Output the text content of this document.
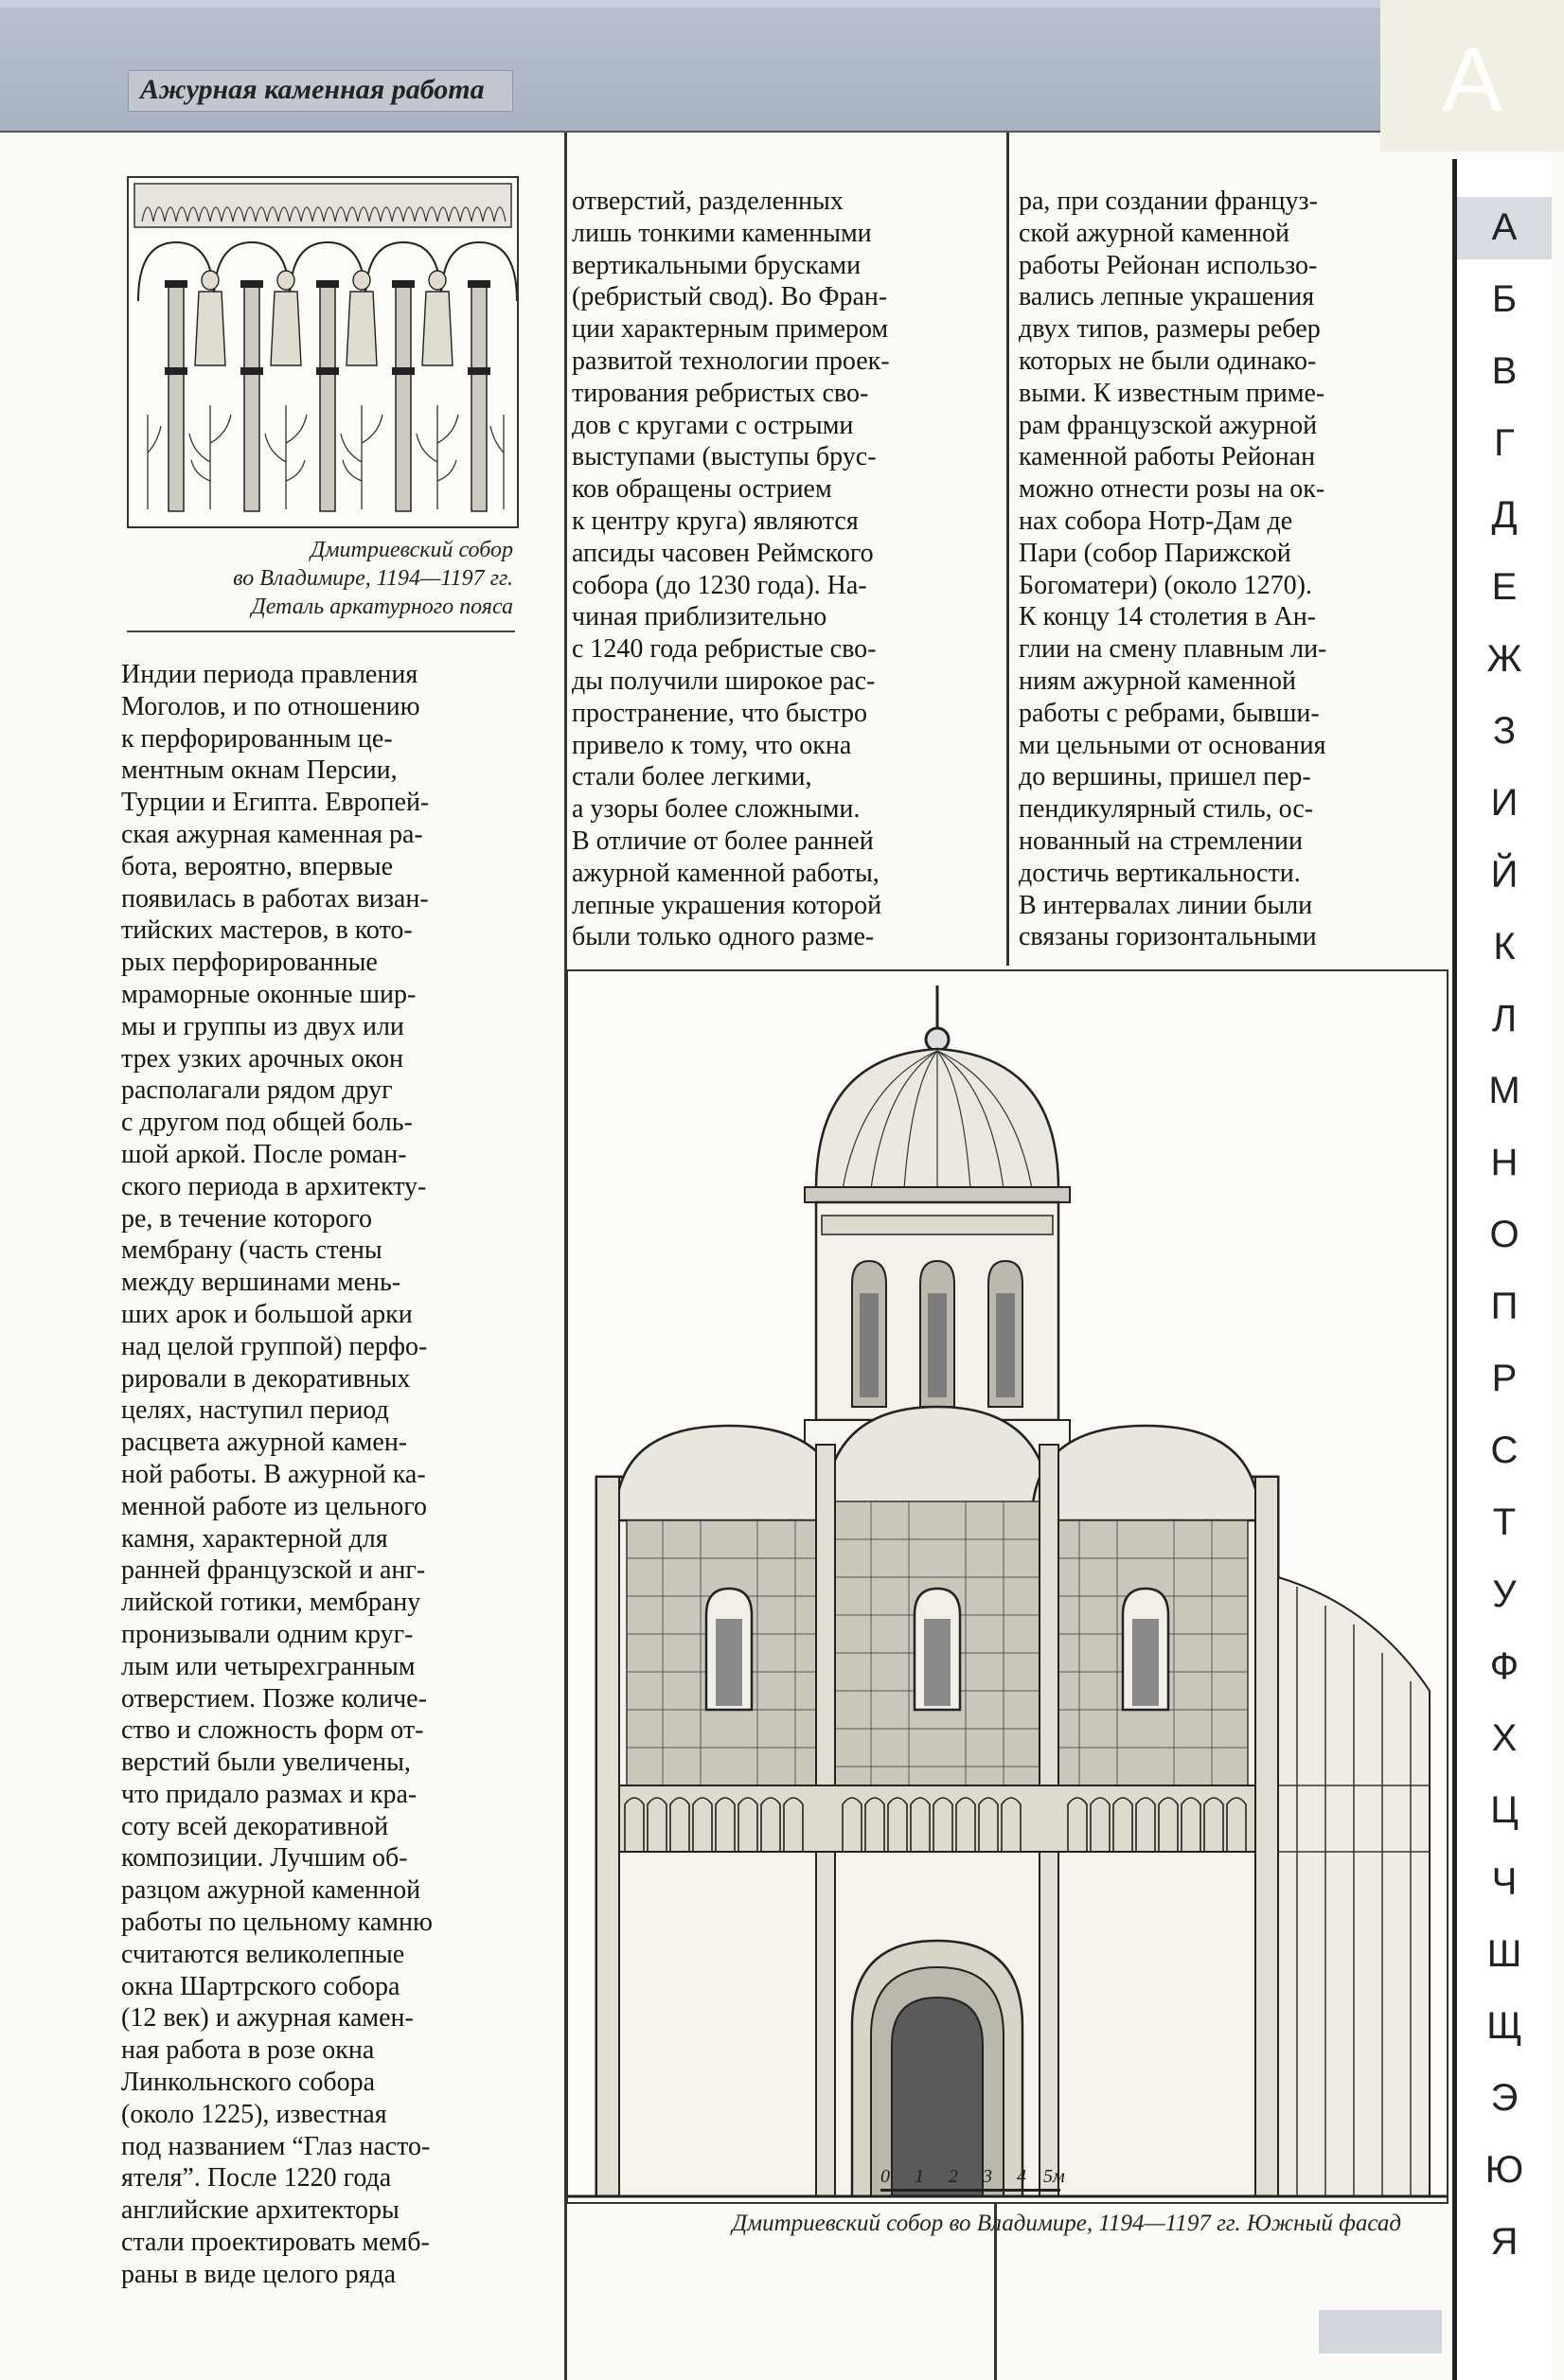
Ажурная каменная работа	А
А
Б
В
Г
Д
Е
Ж
З
И
Й
К
Л
М
Н
О
П
Р
С
Т
У
Ф
Х
Ц
Ч
Ш
Щ
Э
Ю
Я
Дмитриевский собор
во Владимире, 1194—1197 гг.
Деталь аркатурного пояса
Индии периода правления
Моголов, и по отношению
к перфорированным це-
ментным окнам Персии,
Турции и Египта. Европей-
ская ажурная каменная ра-
бота, вероятно, впервые
появилась в работах визан-
тийских мастеров, в кото-
рых перфорированные
мраморные оконные шир-
мы и группы из двух или
трех узких арочных окон
располагали рядом друг
с другом под общей боль-
шой аркой. После роман-
ского периода в архитекту-
ре, в течение которого
мембрану (часть стены
между вершинами мень-
ших арок и большой арки
над целой группой) перфо-
рировали в декоративных
целях, наступил период
расцвета ажурной камен-
ной работы. В ажурной ка-
менной работе из цельного
камня, характерной для
ранней французской и анг-
лийской готики, мембрану
пронизывали одним круг-
лым или четырехгранным
отверстием. Позже количе-
ство и сложность форм от-
верстий были увеличены,
что придало размах и кра-
соту всей декоративной
композиции. Лучшим об-
разцом ажурной каменной
работы по цельному камню
считаются великолепные
окна Шартрского собора
(12 век) и ажурная камен-
ная работа в розе окна
Линкольнского собора
(около 1225), известная
под названием “Глаз насто-
ятеля”. После 1220 года
английские архитекторы
стали проектировать мемб-
раны в виде целого ряда
отверстий, разделенных
лишь тонкими каменными
вертикальными брусками
(ребристый свод). Во Фран-
ции характерным примером
развитой технологии проек-
тирования ребристых сво-
дов с кругами с острыми
выступами (выступы брус-
ков обращены острием
к центру круга) являются
апсиды часовен Реймского
собора (до 1230 года). На-
чиная приблизительно
с 1240 года ребристые сво-
ды получили широкое рас-
пространение, что быстро
привело к тому, что окна
стали более легкими,
а узоры более сложными.
В отличие от более ранней
ажурной каменной работы,
лепные украшения которой
были только одного разме-
ра, при создании француз-
ской ажурной каменной
работы Рейонан использо-
вались лепные украшения
двух типов, размеры ребер
которых не были одинако-
выми. К известным приме-
рам французской ажурной
каменной работы Рейонан
можно отнести розы на ок-
нах собора Нотр-Дам де
Пари (собор Парижской
Богоматери) (около 1270).
К концу 14 столетия в Ан-
глии на смену плавным ли-
ниям ажурной каменной
работы с ребрами, бывши-
ми цельными от основания
до вершины, пришел пер-
пендикулярный стиль, ос-
нованный на стремлении
достичь вертикальности.
В интервалах линии были
связаны горизонтальными
0 1 2 3 4 5м
Дмитриевский собор во Владимире, 1194—1197 гг. Южный фасад
